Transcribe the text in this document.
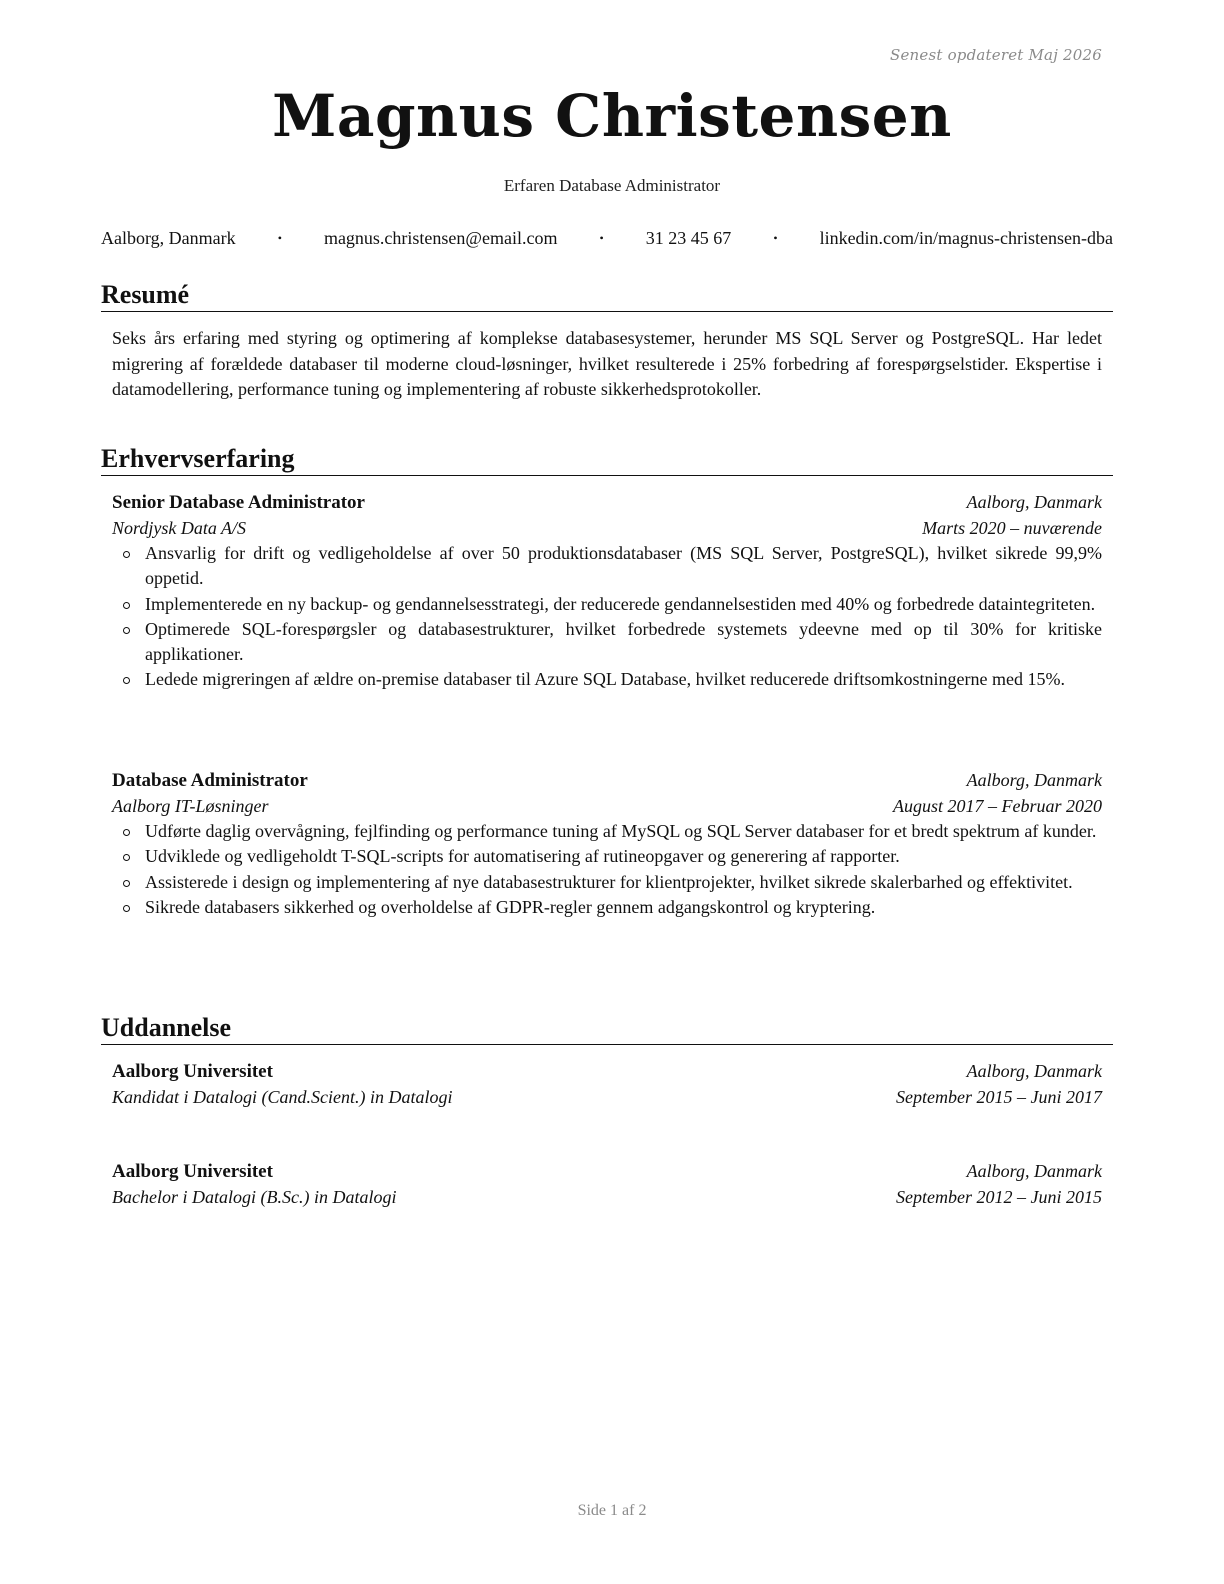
Senest opdateret Maj 2026
Magnus Christensen
Erfaren Database Administrator
Aalborg, Danmark	• magnus.christensen@email.com	• 31 23 45 67	• linkedin.com/in/magnus-christensen-dba
Resumé
Seks års erfaring med styring og optimering af komplekse databasesystemer, herunder MS SQL Server og PostgreSQL. Har ledet migrering af forældede databaser til moderne cloud-løsninger, hvilket resulterede i 25% forbedring af forespørgselstider. Ekspertise i datamodellering, performance tuning og implementering af robuste sikkerhedsprotokoller.
Erhvervserfaring
Senior Database Administrator	Aalborg, Danmark
Nordjysk Data A/S	Marts 2020 – nuværende
Ansvarlig for drift og vedligeholdelse af over 50 produktionsdatabaser (MS SQL Server, PostgreSQL), hvilket sikrede 99,9% oppetid.
Implementerede en ny backup- og gendannelsesstrategi, der reducerede gendannelsestiden med 40% og forbedrede dataintegriteten.
Optimerede SQL-forespørgsler og databasestrukturer, hvilket forbedrede systemets ydeevne med op til 30% for kritiske applikationer.
Ledede migreringen af ældre on-premise databaser til Azure SQL Database, hvilket reducerede driftsomkostningerne med 15%.
Database Administrator	Aalborg, Danmark
Aalborg IT-Løsninger	August 2017 – Februar 2020
Udførte daglig overvågning, fejlfinding og performance tuning af MySQL og SQL Server databaser for et bredt spektrum af kunder.
Udviklede og vedligeholdt T-SQL-scripts for automatisering af rutineopgaver og generering af rapporter.
Assisterede i design og implementering af nye databasestrukturer for klientprojekter, hvilket sikrede skalerbarhed og effektivitet.
Sikrede databasers sikkerhed og overholdelse af GDPR-regler gennem adgangskontrol og kryptering.
Uddannelse
Aalborg Universitet	Aalborg, Danmark
Kandidat i Datalogi (Cand.Scient.) in Datalogi	September 2015 – Juni 2017
Aalborg Universitet	Aalborg, Danmark
Bachelor i Datalogi (B.Sc.) in Datalogi	September 2012 – Juni 2015
Side 1 af 2
